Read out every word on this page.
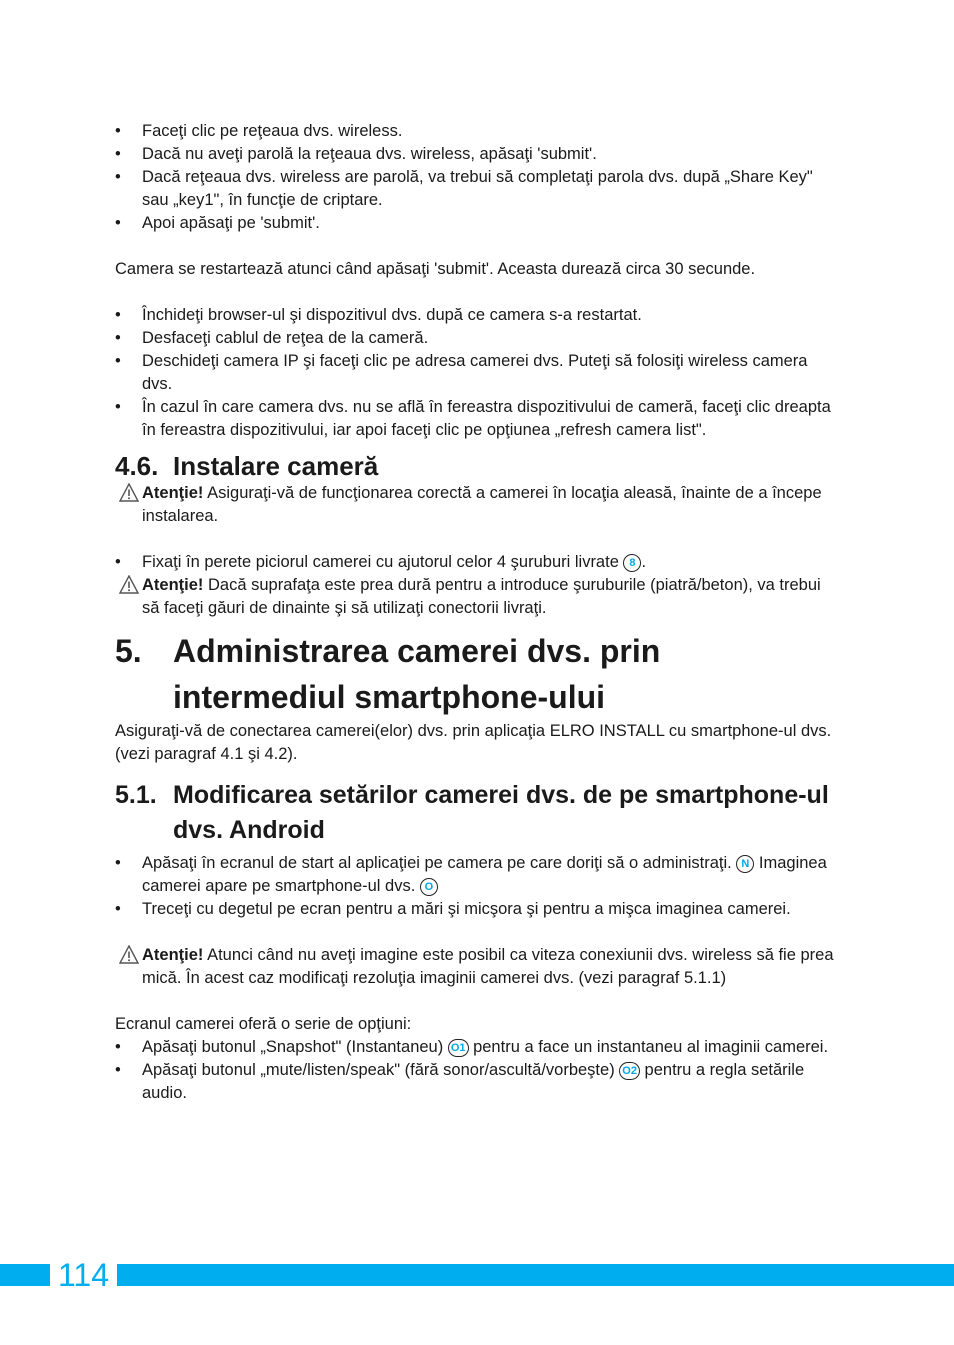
• Faceţi clic pe reţeaua dvs. wireless.
• Dacă nu aveţi parolă la reţeaua dvs. wireless, apăsaţi 'submit'.
• Dacă reţeaua dvs. wireless are parolă, va trebui să completaţi parola dvs. după „Share Key" sau „key1", în funcţie de criptare.
• Apoi apăsaţi pe 'submit'.

Camera se restartează atunci când apăsaţi 'submit'. Aceasta durează circa 30 secunde.

• Închideţi browser-ul şi dispozitivul dvs. după ce camera s-a restartat.
• Desfaceţi cablul de reţea de la cameră.
• Deschideţi camera IP şi faceţi clic pe adresa camerei dvs. Puteţi să folosiţi wireless camera dvs.
• În cazul în care camera dvs. nu se află în fereastra dispozitivului de cameră, faceţi clic dreapta în fereastra dispozitivului, iar apoi faceţi clic pe opţiunea „refresh camera list".
4.6. Instalare cameră
Atenţie! Asiguraţi-vă de funcţionarea corectă a camerei în locaţia aleasă, înainte de a începe instalarea.
• Fixaţi în perete piciorul camerei cu ajutorul celor 4 şuruburi livrate 8 .
Atenţie! Dacă suprafaţa este prea dură pentru a introduce şuruburile (piatră/beton), va trebui să faceţi găuri de dinainte şi să utilizaţi conectorii livraţi.
5. Administrarea camerei dvs. prin intermediul smartphone-ului

Asiguraţi-vă de conectarea camerei(elor) dvs. prin aplicaţia ELRO INSTALL cu smartphone-ul dvs. (vezi paragraf 4.1 şi 4.2).

5.1. Modificarea setărilor camerei dvs. de pe smartphone-ul dvs. Android
• Apăsaţi în ecranul de start al aplicaţiei pe camera pe care doriţi să o administraţi. N Imaginea camerei apare pe smartphone-ul dvs. O
• Treceţi cu degetul pe ecran pentru a mări şi micşora şi pentru a mişca imaginea camerei.
Atenţie! Atunci când nu aveţi imagine este posibil ca viteza conexiunii dvs. wireless să fie prea mică. În acest caz modificaţi rezoluţia imaginii camerei dvs. (vezi paragraf 5.1.1)

Ecranul camerei oferă o serie de opţiuni:

• Apăsaţi butonul „Snapshot" (Instantaneu) O1 pentru a face un instantaneu al imaginii camerei.
• Apăsaţi butonul „mute/listen/speak" (fără sonor/ascultă/vorbeşte) O2 pentru a regla setările audio.
114
